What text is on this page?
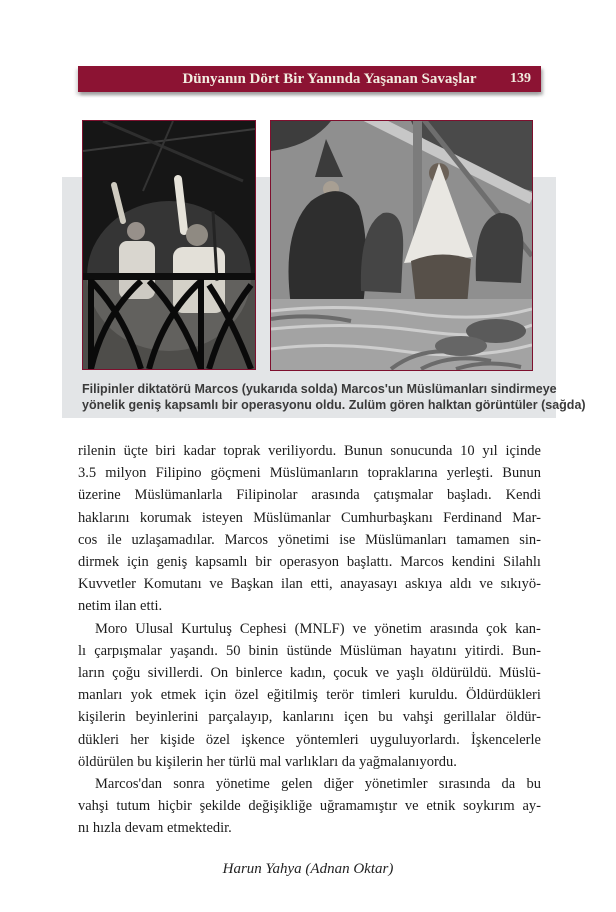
Dünyanın Dört Bir Yanında Yaşanan Savaşlar	139
Filipinler diktatörü Marcos (yukarıda solda) Marcos'un Müslümanları sindirmeye
yönelik geniş kapsamlı bir operasyonu oldu. Zulüm gören halktan görüntüler (sağda)
rilenin üçte biri kadar toprak veriliyordu. Bunun sonucunda 10 yıl içinde
3.5 milyon Filipino göçmeni Müslümanların topraklarına yerleşti. Bunun
üzerine Müslümanlarla Filipinolar arasında çatışmalar başladı. Kendi
haklarını korumak isteyen Müslümanlar Cumhurbaşkanı Ferdinand Mar-
cos ile uzlaşamadılar. Marcos yönetimi ise Müslümanları tamamen sin-
dirmek için geniş kapsamlı bir operasyon başlattı. Marcos kendini Silahlı
Kuvvetler Komutanı ve Başkan ilan etti, anayasayı askıya aldı ve sıkıyö-
netim ilan etti.
Moro Ulusal Kurtuluş Cephesi (MNLF) ve yönetim arasında çok kan-
lı çarpışmalar yaşandı. 50 binin üstünde Müslüman hayatını yitirdi. Bun-
ların çoğu sivillerdi. On binlerce kadın, çocuk ve yaşlı öldürüldü. Müslü-
manları yok etmek için özel eğitilmiş terör timleri kuruldu. Öldürdükleri
kişilerin beyinlerini parçalayıp, kanlarını içen bu vahşi gerillalar öldür-
dükleri her kişide özel işkence yöntemleri uyguluyorlardı. İşkencelerle
öldürülen bu kişilerin her türlü mal varlıkları da yağmalanıyordu.
Marcos'dan sonra yönetime gelen diğer yönetimler sırasında da bu
vahşi tutum hiçbir şekilde değişikliğe uğramamıştır ve etnik soykırım ay-
nı hızla devam etmektedir.
Harun Yahya (Adnan Oktar)
